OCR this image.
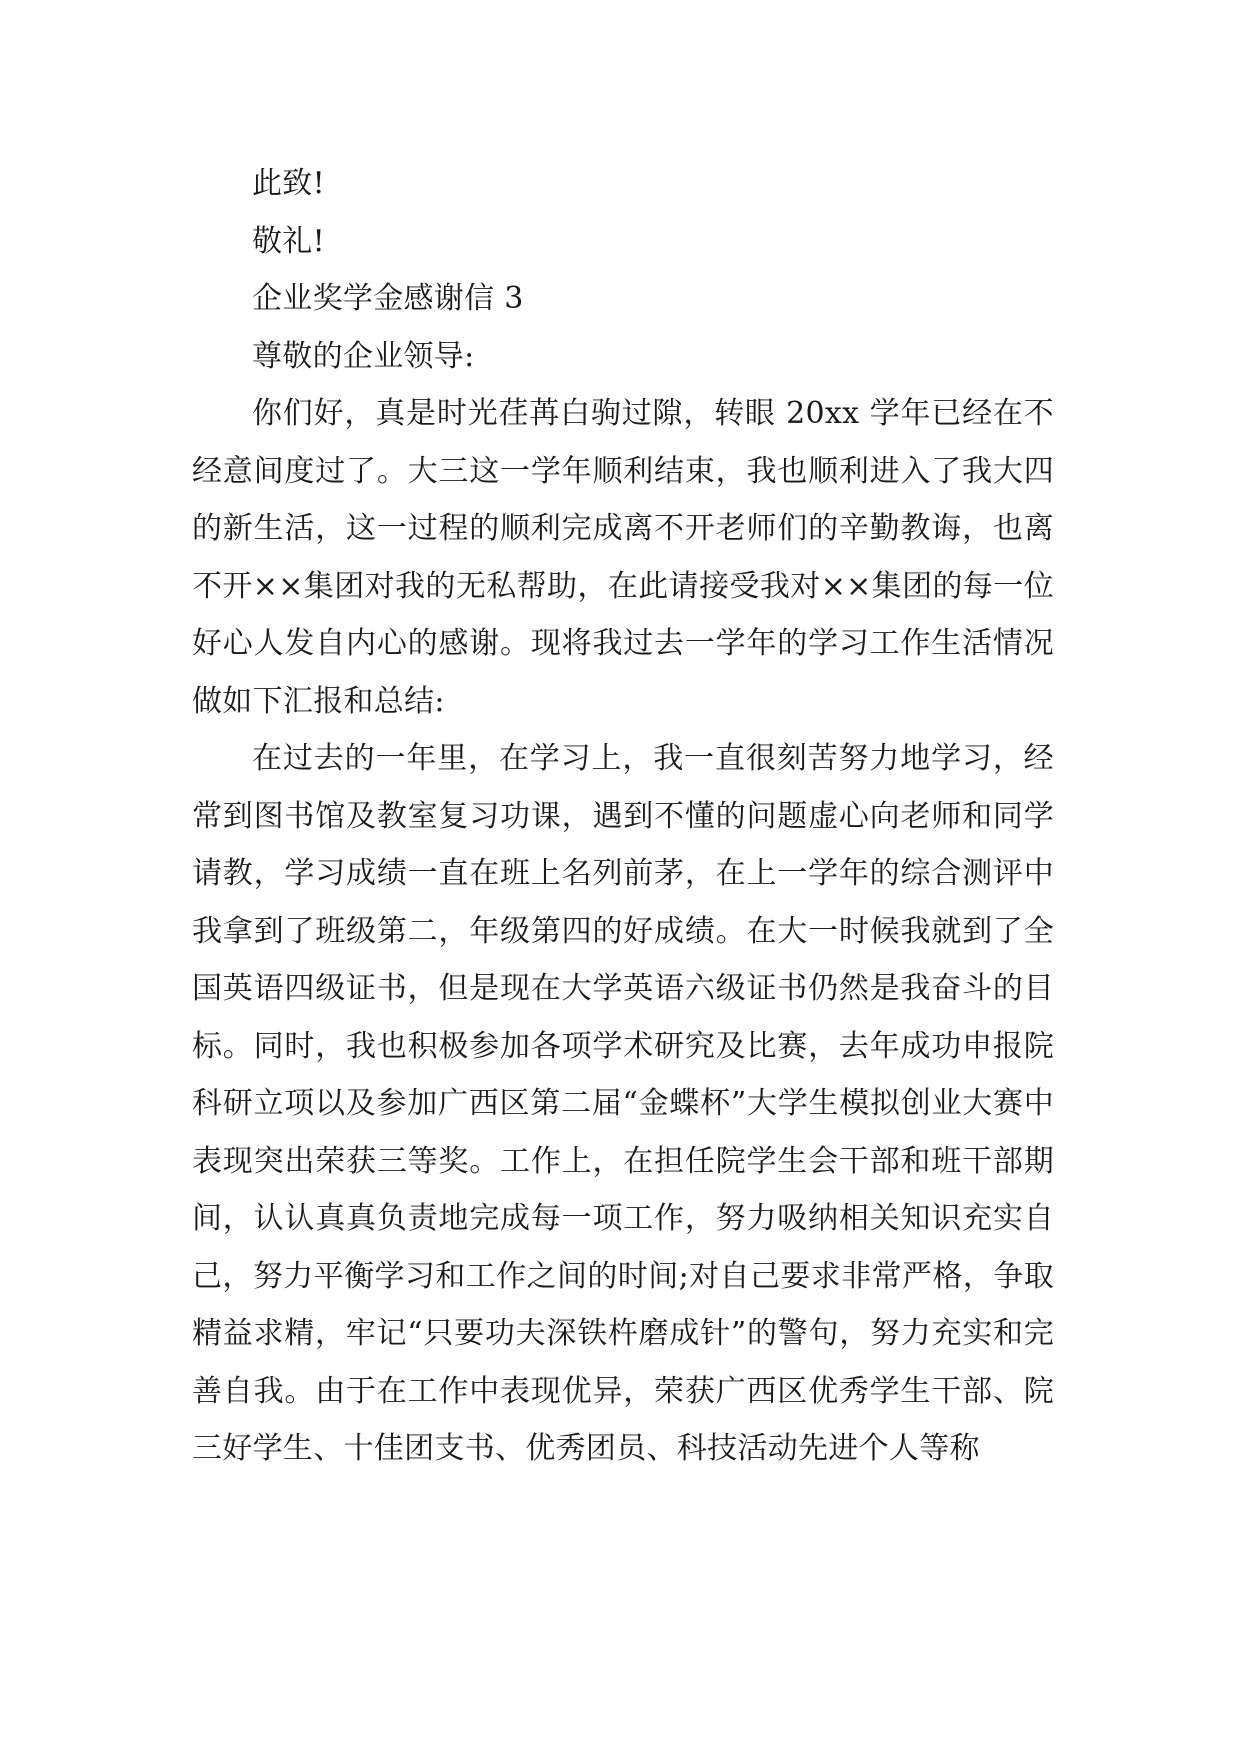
此致!

敬礼!

企业奖学金感谢信 3

尊敬的企业领导:

你们好，真是时光荏苒白驹过隙，转眼 20xx 学年已经在不经意间度过了。大三这一学年顺利结束，我也顺利进入了我大四的新生活，这一过程的顺利完成离不开老师们的辛勤教诲，也离不开××集团对我的无私帮助，在此请接受我对××集团的每一位好心人发自内心的感谢。现将我过去一学年的学习工作生活情况做如下汇报和总结:

在过去的一年里，在学习上，我一直很刻苦努力地学习，经常到图书馆及教室复习功课，遇到不懂的问题虚心向老师和同学请教，学习成绩一直在班上名列前茅，在上一学年的综合测评中我拿到了班级第二，年级第四的好成绩。在大一时候我就到了全国英语四级证书，但是现在大学英语六级证书仍然是我奋斗的目标。同时，我也积极参加各项学术研究及比赛，去年成功申报院科研立项以及参加广西区第二届“金蝶杯”大学生模拟创业大赛中表现突出荣获三等奖。工作上，在担任院学生会干部和班干部期间，认认真真负责地完成每一项工作，努力吸纳相关知识充实自己，努力平衡学习和工作之间的时间;对自己要求非常严格，争取精益求精，牢记“只要功夫深铁杵磨成针”的警句，努力充实和完善自我。由于在工作中表现优异，荣获广西区优秀学生干部、院三好学生、十佳团支书、优秀团员、科技活动先进个人等称
